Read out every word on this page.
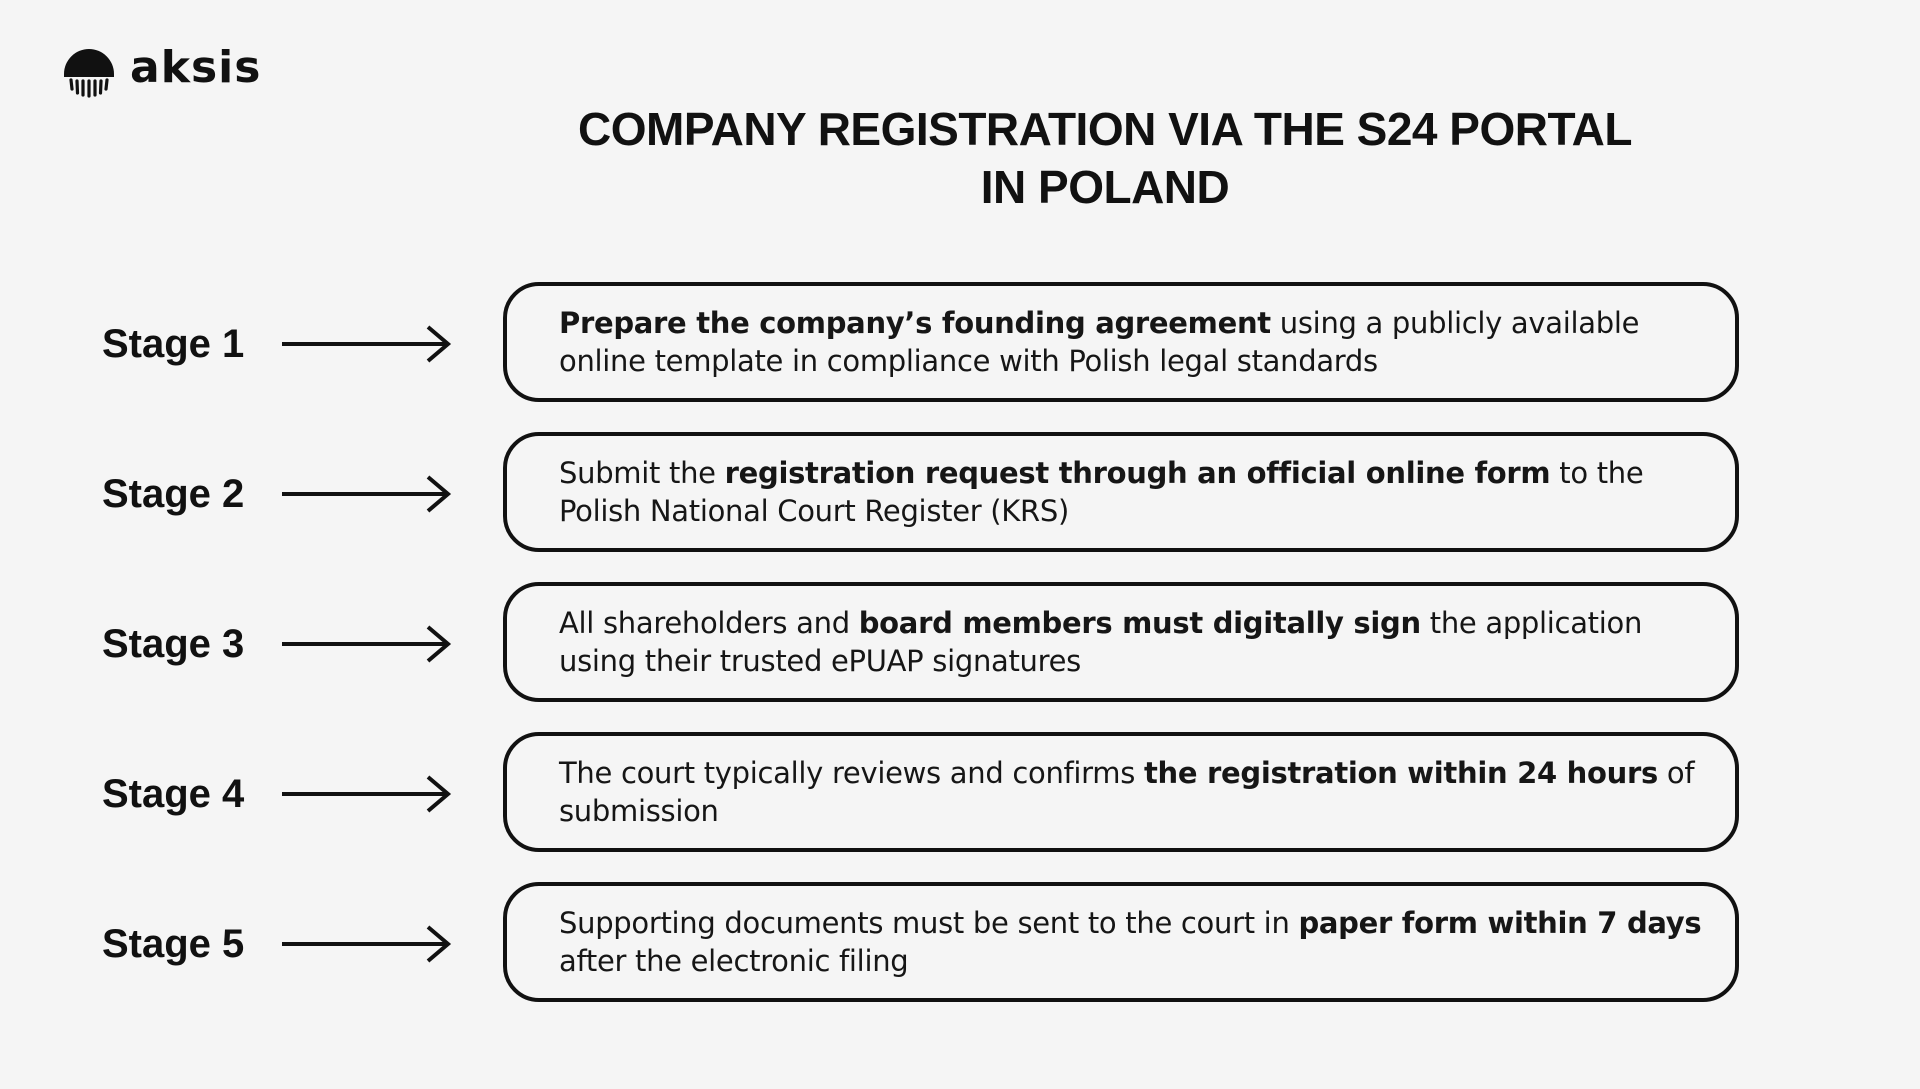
aksis
COMPANY REGISTRATION VIA THE S24 PORTAL
IN POLAND
Stage 1	Prepare the company’s founding agreement using a publicly available online template in compliance with Polish legal standards
Stage 2	Submit the registration request through an official online form to the Polish National Court Register (KRS)
Stage 3	All shareholders and board members must digitally sign the application using their trusted ePUAP signatures
Stage 4	The court typically reviews and confirms the registration within 24 hours of submission
Stage 5	Supporting documents must be sent to the court in paper form within 7 days after the electronic filing
